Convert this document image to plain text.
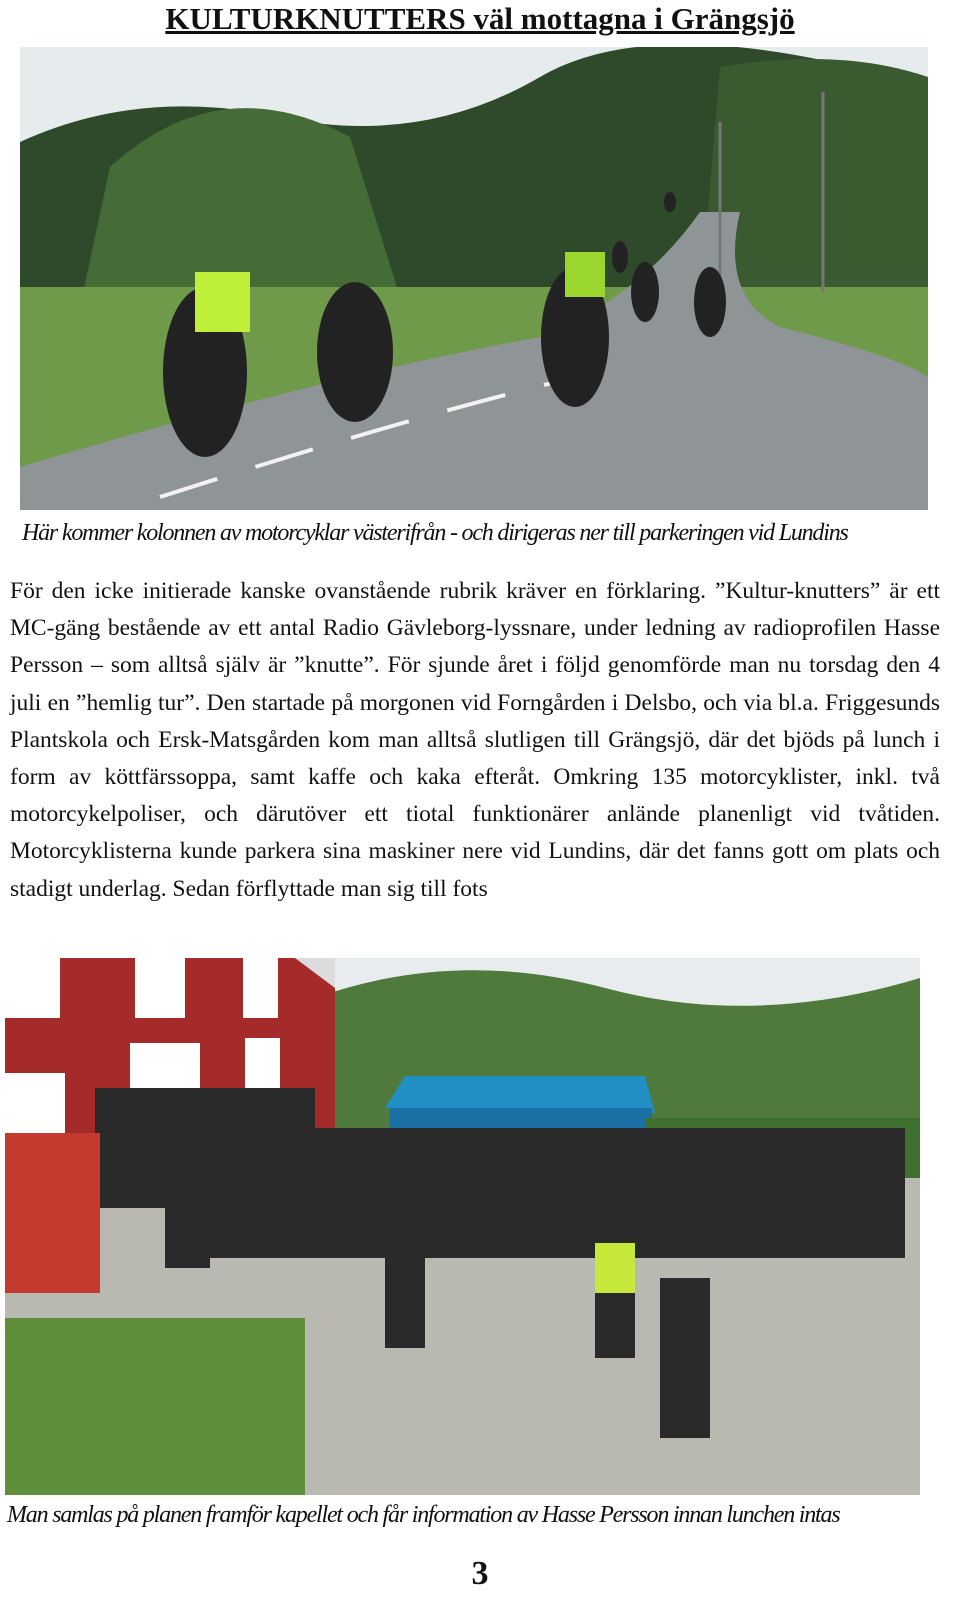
KULTURKNUTTERS väl mottagna i Grängsjö
Här kommer kolonnen av motorcyklar västerifrån - och dirigeras ner till parkeringen vid Lundins
För den icke initierade kanske ovanstående rubrik kräver en förklaring. ”Kultur-knutters” är ett MC-gäng bestående av ett antal Radio Gävleborg-lyssnare, under ledning av radioprofilen Hasse Persson – som alltså själv är ”knutte”. För sjunde året i följd genomförde man nu torsdag den 4 juli en ”hemlig tur”. Den startade på morgonen vid Forngården i Delsbo, och via bl.a. Friggesunds Plantskola och Ersk-Matsgården kom man alltså slutligen till Grängsjö, där det bjöds på lunch i form av köttfärssoppa, samt kaffe och kaka efteråt. Omkring 135 motorcyklister, inkl. två motorcykelpoliser, och därutöver ett tiotal funktionärer anlände planenligt vid tvåtiden. Motorcyklisterna kunde parkera sina maskiner nere vid Lundins, där det fanns gott om plats och stadigt underlag. Sedan förflyttade man sig till fots
Man samlas på planen framför kapellet och får information av Hasse Persson innan lunchen intas
3
